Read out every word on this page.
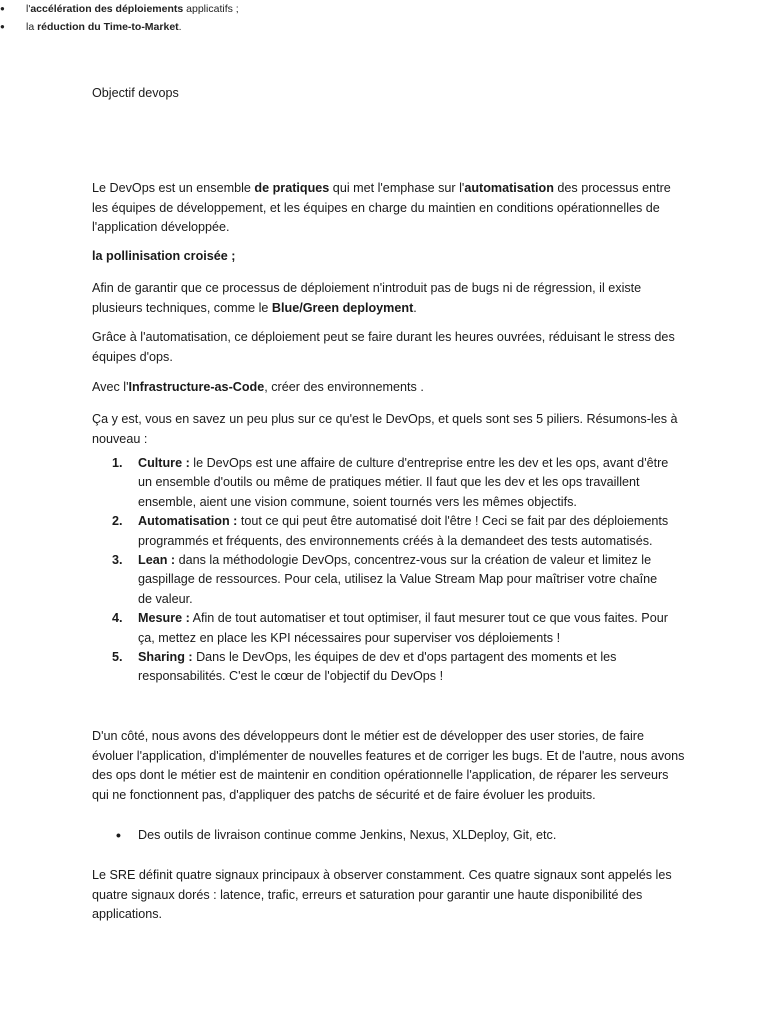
Objectif devops

● l'accélération des déploiements applicatifs ;
● la réduction du Time-to-Market.

Le DevOps est un ensemble de pratiques qui met l'emphase sur l'automatisation des processus entre les équipes de développement, et les équipes en charge du maintien en conditions opérationnelles de l'application développée.

la pollinisation croisée ;

Afin de garantir que ce processus de déploiement n'introduit pas de bugs ni de régression, il existe plusieurs techniques, comme le Blue/Green deployment.

Grâce à l'automatisation, ce déploiement peut se faire durant les heures ouvrées, réduisant le stress des équipes d'ops.

Avec l'Infrastructure-as-Code, créer des environnements .

Ça y est, vous en savez un peu plus sur ce qu'est le DevOps, et quels sont ses 5 piliers. Résumons-les à nouveau :

1. Culture : le DevOps est une affaire de culture d'entreprise entre les dev et les ops, avant d'être un ensemble d'outils ou même de pratiques métier. Il faut que les dev et les ops travaillent ensemble, aient une vision commune, soient tournés vers les mêmes objectifs.
2. Automatisation : tout ce qui peut être automatisé doit l'être ! Ceci se fait par des déploiements programmés et fréquents, des environnements créés à la demandeet des tests automatisés.
3. Lean : dans la méthodologie DevOps, concentrez-vous sur la création de valeur et limitez le gaspillage de ressources. Pour cela, utilisez la Value Stream Map pour maîtriser votre chaîne de valeur.
4. Mesure : Afin de tout automatiser et tout optimiser, il faut mesurer tout ce que vous faites. Pour ça, mettez en place les KPI nécessaires pour superviser vos déploiements !
5. Sharing : Dans le DevOps, les équipes de dev et d'ops partagent des moments et les responsabilités. C'est le cœur de l'objectif du DevOps !

D'un côté, nous avons des développeurs dont le métier est de développer des user stories, de faire évoluer l'application, d'implémenter de nouvelles features et de corriger les bugs. Et de l'autre, nous avons des ops dont le métier est de maintenir en condition opérationnelle l'application, de réparer les serveurs qui ne fonctionnent pas, d'appliquer des patchs de sécurité et de faire évoluer les produits.

• Des outils de livraison continue comme Jenkins, Nexus, XLDeploy, Git, etc.

Le SRE définit quatre signaux principaux à observer constamment. Ces quatre signaux sont appelés les quatre signaux dorés : latence, trafic, erreurs et saturation pour garantir une haute disponibilité des applications.
